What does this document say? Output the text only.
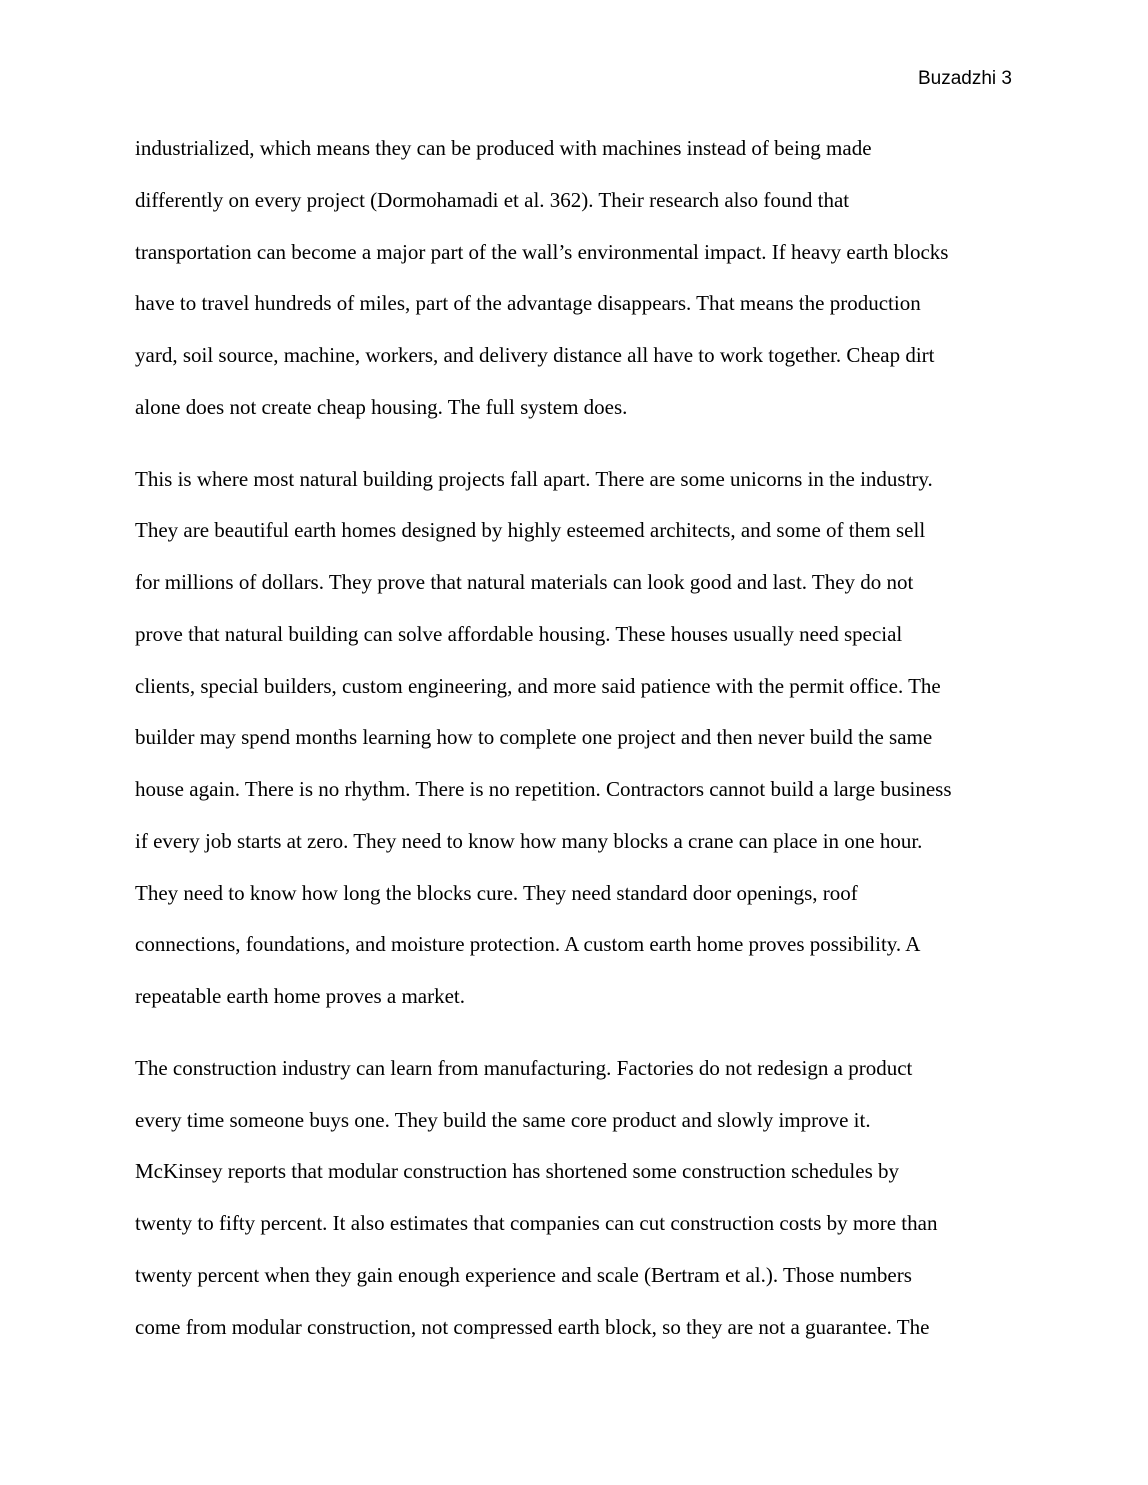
Buzadzhi 3

industrialized, which means they can be produced with machines instead of being made
differently on every project (Dormohamadi et al. 362). Their research also found that
transportation can become a major part of the wall’s environmental impact. If heavy earth blocks
have to travel hundreds of miles, part of the advantage disappears. That means the production
yard, soil source, machine, workers, and delivery distance all have to work together. Cheap dirt
alone does not create cheap housing. The full system does.

This is where most natural building projects fall apart. There are some unicorns in the industry.
They are beautiful earth homes designed by highly esteemed architects, and some of them sell
for millions of dollars. They prove that natural materials can look good and last. They do not
prove that natural building can solve affordable housing. These houses usually need special
clients, special builders, custom engineering, and more said patience with the permit office. The
builder may spend months learning how to complete one project and then never build the same
house again. There is no rhythm. There is no repetition. Contractors cannot build a large business
if every job starts at zero. They need to know how many blocks a crane can place in one hour.
They need to know how long the blocks cure. They need standard door openings, roof
connections, foundations, and moisture protection. A custom earth home proves possibility. A
repeatable earth home proves a market.

The construction industry can learn from manufacturing. Factories do not redesign a product
every time someone buys one. They build the same core product and slowly improve it.
McKinsey reports that modular construction has shortened some construction schedules by
twenty to fifty percent. It also estimates that companies can cut construction costs by more than
twenty percent when they gain enough experience and scale (Bertram et al.). Those numbers
come from modular construction, not compressed earth block, so they are not a guarantee. The
